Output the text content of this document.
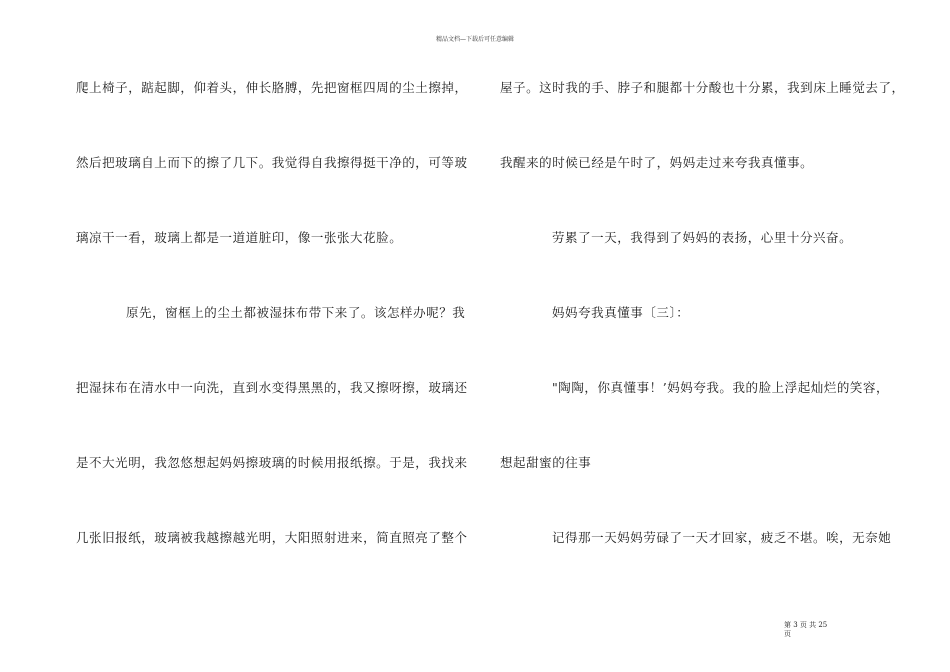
精品文档—下载后可任意编辑
爬上椅子，踮起脚，仰着头，伸长胳膊，先把窗框四周的尘土擦掉，
然后把玻璃自上而下的擦了几下。我觉得自我擦得挺干净的，可等玻
璃凉干一看，玻璃上都是一道道脏印，像一张张大花脸。
原先，窗框上的尘土都被湿抹布带下来了。该怎样办呢？我
把湿抹布在清水中一向洗，直到水变得黑黑的，我又擦呀擦，玻璃还
是不大光明，我忽悠想起妈妈擦玻璃的时候用报纸擦。于是，我找来
几张旧报纸，玻璃被我越擦越光明，大阳照射进来，简直照亮了整个
屋子。这时我的手、脖子和腿都十分酸也十分累，我到床上睡觉去了，
我醒来的时候已经是午时了，妈妈走过来夸我真懂事。
劳累了一天，我得到了妈妈的表扬，心里十分兴奋。
妈妈夸我真懂事〔三〕：
"陶陶，你真懂事！’妈妈夸我。我的脸上浮起灿烂的笑容，
想起甜蜜的往事
记得那一天妈妈劳碌了一天才回家，疲乏不堪。唉，无奈她
第 3 页 共 25
页
